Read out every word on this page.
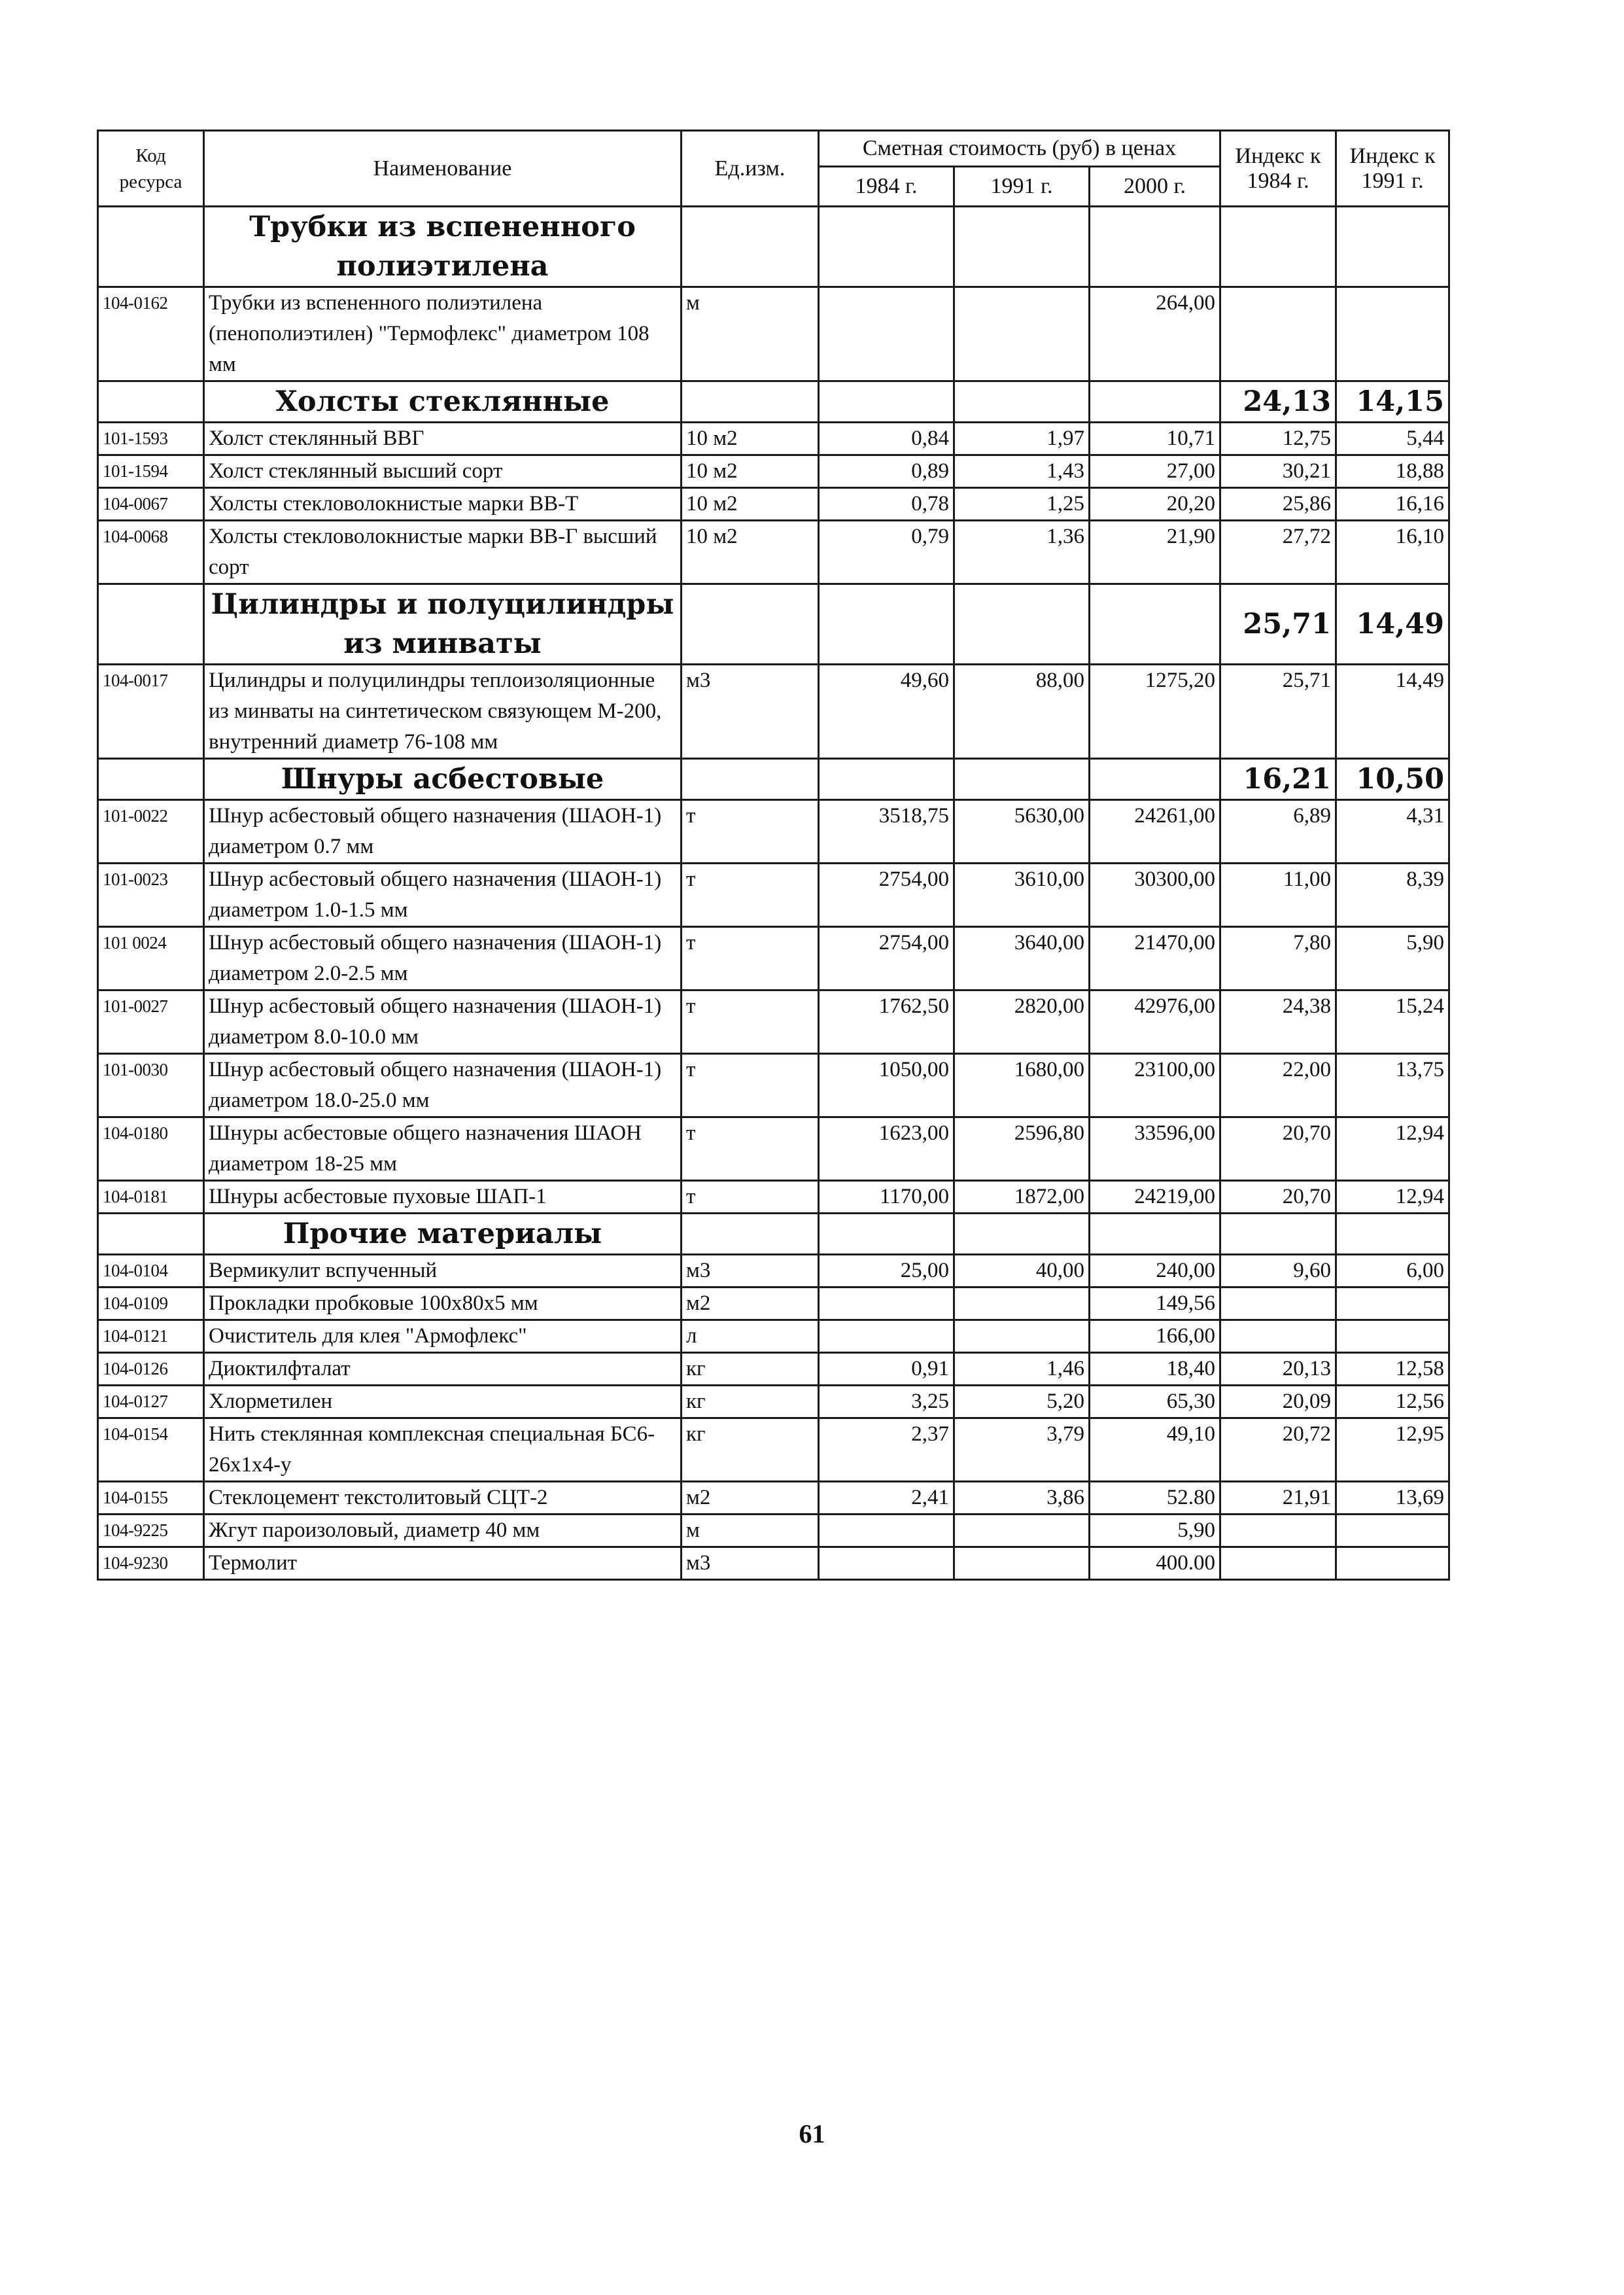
Код ресурса	Наименование	Ед.изм.	Сметная стоимость (руб) в ценах			Индекс к 1984 г.	Индекс к 1991 г.
			1984 г.	1991 г.	2000 г.		
	Трубки из вспененного полиэтилена						
104-0162	Трубки из вспененного полиэтилена (пенополиэтилен) "Термофлекс" диаметром 108 мм	м			264,00		
	Холсты стеклянные					24,13	14,15
101-1593	Холст стеклянный ВВГ	10 м2	0,84	1,97	10,71	12,75	5,44
101-1594	Холст стеклянный высший сорт	10 м2	0,89	1,43	27,00	30,21	18,88
104-0067	Холсты стекловолокнистые марки ВВ-Т	10 м2	0,78	1,25	20,20	25,86	16,16
104-0068	Холсты стекловолокнистые марки ВВ-Г высший сорт	10 м2	0,79	1,36	21,90	27,72	16,10
	Цилиндры и полуцилиндры из минваты					25,71	14,49
104-0017	Цилиндры и полуцилиндры теплоизоляционные из минваты на синтетическом связующем М-200, внутренний диаметр 76-108 мм	м3	49,60	88,00	1275,20	25,71	14,49
	Шнуры асбестовые					16,21	10,50
101-0022	Шнур асбестовый общего назначения (ШАОН-1) диаметром 0.7 мм	т	3518,75	5630,00	24261,00	6,89	4,31
101-0023	Шнур асбестовый общего назначения (ШАОН-1) диаметром 1.0-1.5 мм	т	2754,00	3610,00	30300,00	11,00	8,39
101 0024	Шнур асбестовый общего назначения (ШАОН-1) диаметром 2.0-2.5 мм	т	2754,00	3640,00	21470,00	7,80	5,90
101-0027	Шнур асбестовый общего назначения (ШАОН-1) диаметром 8.0-10.0 мм	т	1762,50	2820,00	42976,00	24,38	15,24
101-0030	Шнур асбестовый общего назначения (ШАОН-1) диаметром 18.0-25.0 мм	т	1050,00	1680,00	23100,00	22,00	13,75
104-0180	Шнуры асбестовые общего назначения ШАОН диаметром 18-25 мм	т	1623,00	2596,80	33596,00	20,70	12,94
104-0181	Шнуры асбестовые пуховые ШАП-1	т	1170,00	1872,00	24219,00	20,70	12,94
	Прочие материалы						
104-0104	Вермикулит вспученный	м3	25,00	40,00	240,00	9,60	6,00
104-0109	Прокладки пробковые 100х80х5 мм	м2			149,56		
104-0121	Очиститель для клея "Армофлекс"	л			166,00		
104-0126	Диоктилфталат	кг	0,91	1,46	18,40	20,13	12,58
104-0127	Хлорметилен	кг	3,25	5,20	65,30	20,09	12,56
104-0154	Нить стеклянная комплексная специальная БС6-26х1х4-у	кг	2,37	3,79	49,10	20,72	12,95
104-0155	Стеклоцемент текстолитовый СЦТ-2	м2	2,41	3,86	52.80	21,91	13,69
104-9225	Жгут пароизоловый, диаметр 40 мм	м			5,90		
104-9230	Термолит	м3			400.00		
61
